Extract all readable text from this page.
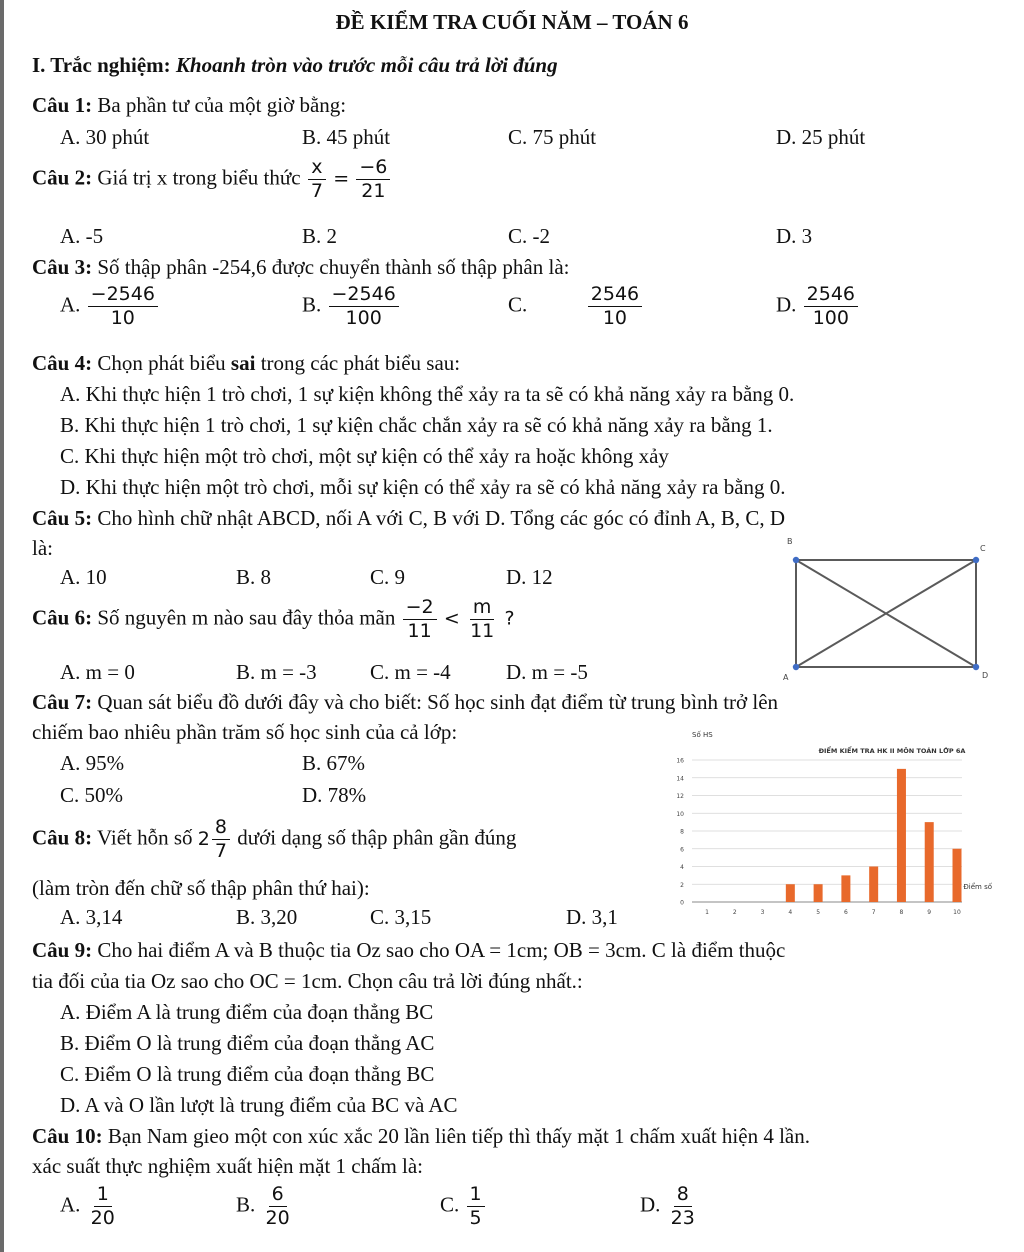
ĐỀ KIỂM TRA CUỐI NĂM – TOÁN 6
I. Trắc nghiệm: Khoanh tròn vào trước mỗi câu trả lời đúng
Câu 1: Ba phần tư của một giờ bằng:
A. 30 phút	B. 45 phút	C. 75 phút	D. 25 phút
Câu 2: Giá trị x trong biểu thức $\frac{x}{7} = \frac{-6}{21}$
A. -5	B. 2	C. -2	D. 3
Câu 3: Số thập phân -254,6 được chuyển thành số thập phân là:
A. $\frac{-2546}{10}$	B. $\frac{-2546}{100}$	C.	$\frac{2546}{10}$	D. $\frac{2546}{100}$
Câu 4: Chọn phát biểu sai trong các phát biểu sau:
A. Khi thực hiện 1 trò chơi, 1 sự kiện không thể xảy ra ta sẽ có khả năng xảy ra bằng 0.
B. Khi thực hiện 1 trò chơi, 1 sự kiện chắc chắn xảy ra sẽ có khả năng xảy ra bằng 1.
C. Khi thực hiện một trò chơi, một sự kiện có thể xảy ra hoặc không xảy
D. Khi thực hiện một trò chơi, mỗi sự kiện có thể xảy ra sẽ có khả năng xảy ra bằng 0.
Câu 5: Cho hình chữ nhật ABCD, nối A với C, B với D. Tổng các góc có đỉnh A, B, C, D
là:
A. 10	B. 8	C. 9	D. 12
B
C
A	D
Câu 6: Số nguyên m nào sau đây thỏa mãn $\frac{-2}{11} < \frac{m}{11}$ ?
A. m = 0	B. m = -3	C. m = -4	D. m = -5
Câu 7: Quan sát biểu đồ dưới đây và cho biết: Số học sinh đạt điểm từ trung bình trở lên
chiếm bao nhiêu phần trăm số học sinh của cả lớp:
A. 95%	B. 67%
C. 50%	D. 78%
Số HS
ĐIỂM KIỂM TRA HK II MÔN TOÁN LỚP 6A
Điểm số
0
2
4
6
8
10
12
14
16
1	2	3	4	5	6	7	8	9	10
Câu 8: Viết hỗn số $2 \frac{8}{7}$ dưới dạng số thập phân gần đúng
(làm tròn đến chữ số thập phân thứ hai):
A. 3,14	B. 3,20	C. 3,15	D. 3,1
Câu 9: Cho hai điểm A và B thuộc tia Oz sao cho OA = 1cm; OB = 3cm. C là điểm thuộc
tia đối của tia Oz sao cho OC = 1cm. Chọn câu trả lời đúng nhất.:
A. Điểm A là trung điểm của đoạn thẳng BC
B. Điểm O là trung điểm của đoạn thẳng AC
C. Điểm O là trung điểm của đoạn thẳng BC
D. A và O lần lượt là trung điểm của BC và AC
Câu 10: Bạn Nam gieo một con xúc xắc 20 lần liên tiếp thì thấy mặt 1 chấm xuất hiện 4 lần.
xác suất thực nghiệm xuất hiện mặt 1 chấm là:
A. $\frac{1}{20}$	B. $\frac{6}{20}$	C. $\frac{1}{5}$	D. $\frac{8}{23}$
